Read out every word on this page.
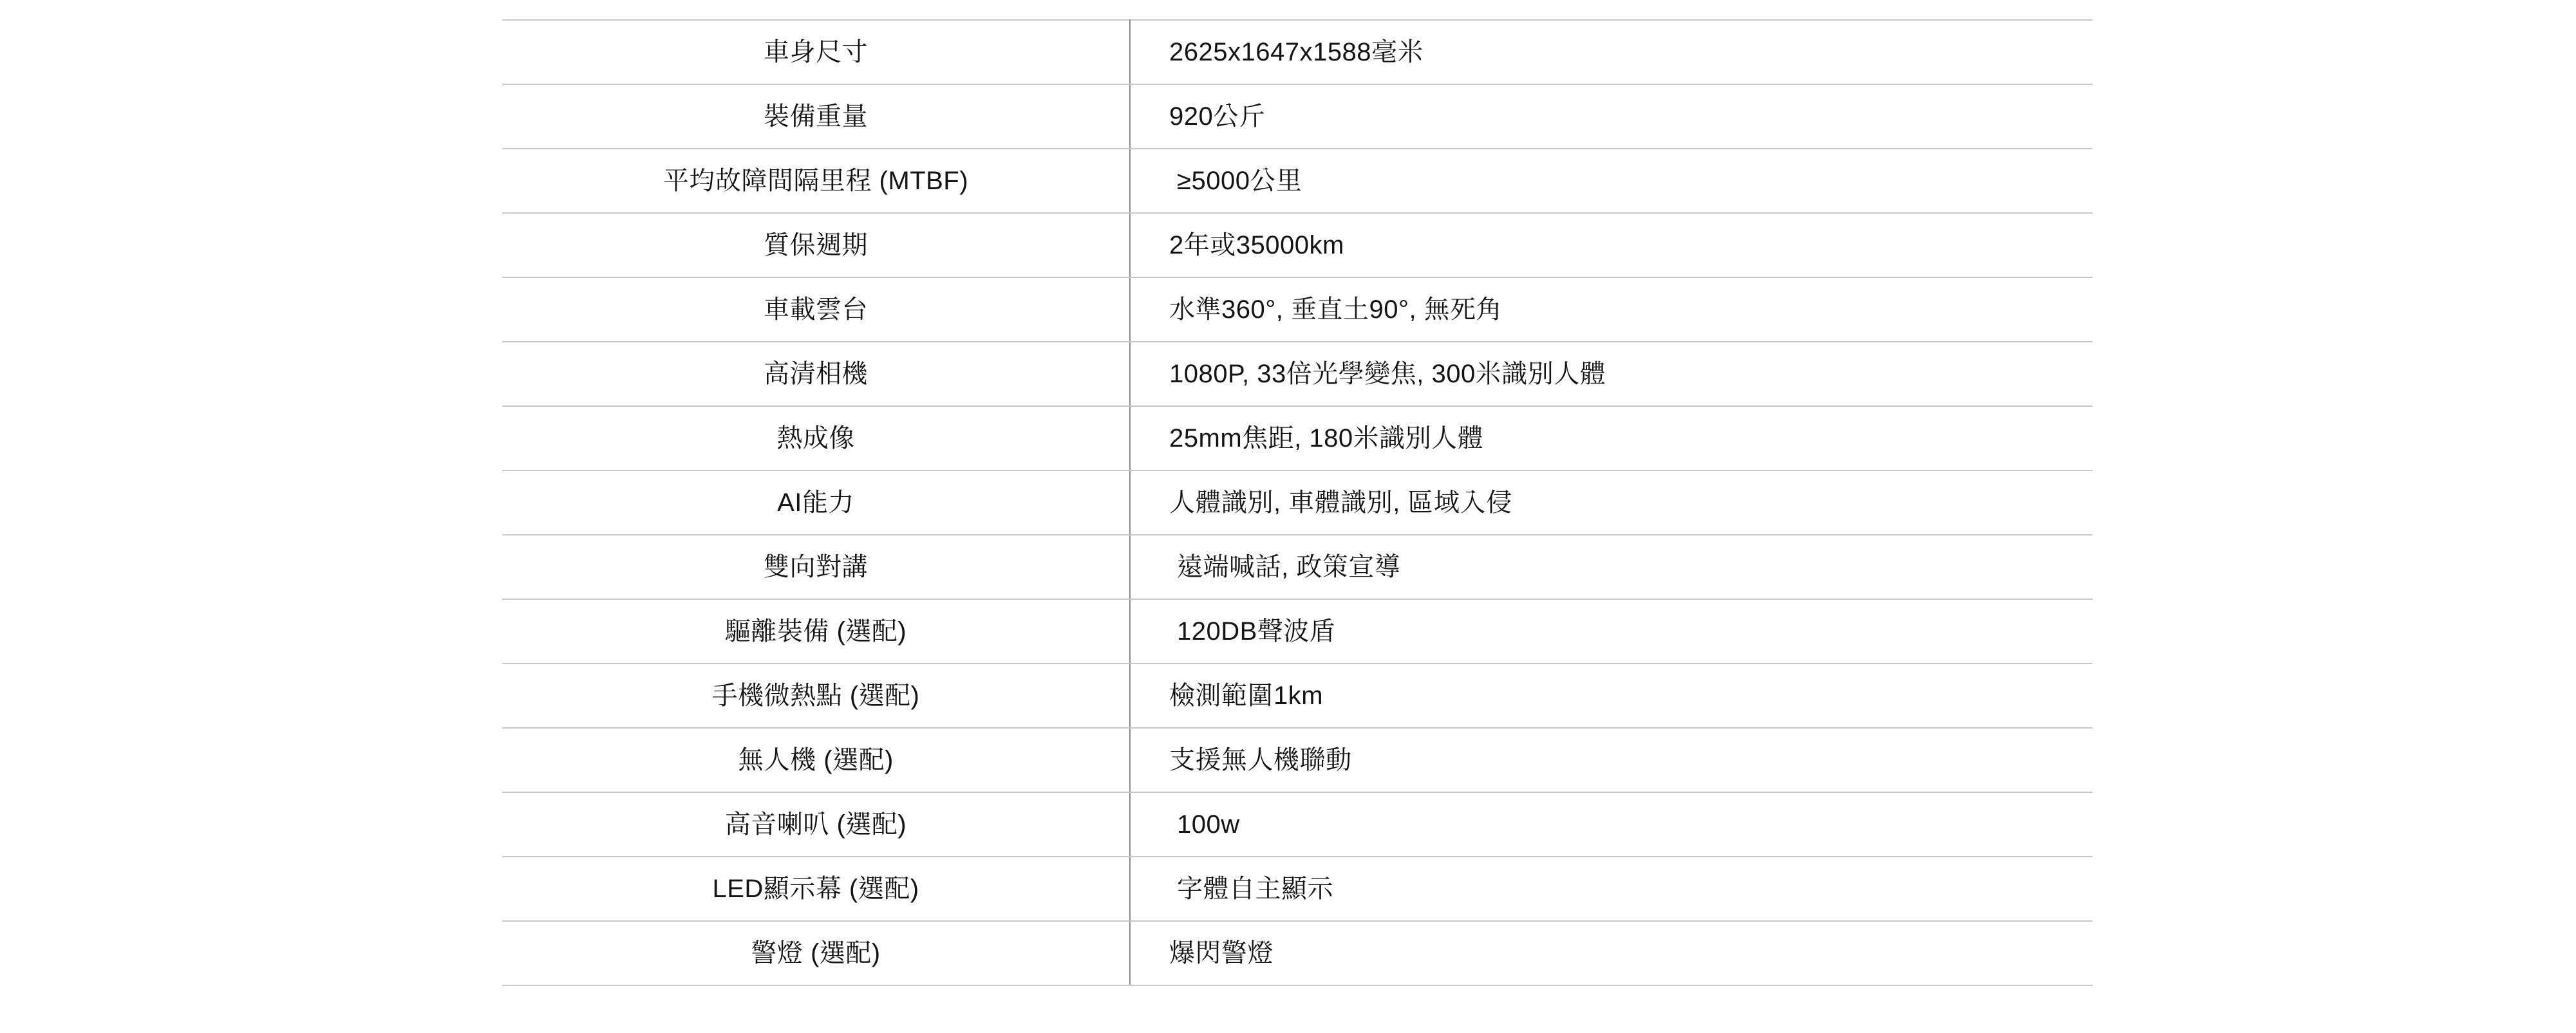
車身尺寸	2625x1647x1588毫米
裝備重量	920公斤
平均故障間隔里程 (MTBF)	≥5000公里
質保週期	2年或35000km
車載雲台	水準360°, 垂直土90°, 無死角
高清相機	1080P, 33倍光學變焦, 300米識別人體
熱成像	25mm焦距, 180米識別人體
AI能力	人體識別, 車體識別, 區域入侵
雙向對講	遠端喊話, 政策宣導
驅離裝備 (選配)	120DB聲波盾
手機微熱點 (選配)	檢測範圍1km
無人機 (選配)	支援無人機聯動
高音喇叭 (選配)	100w
LED顯示幕 (選配)	字體自主顯示
警燈 (選配)	爆閃警燈
